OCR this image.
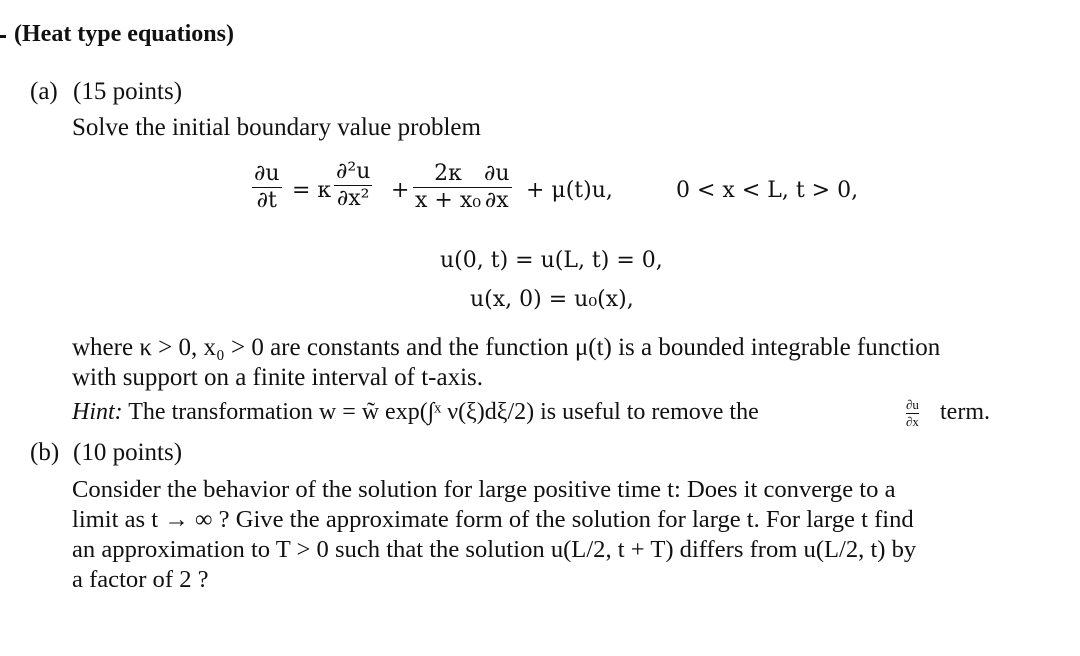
(Heat type equations)
(a) (15 points)
Solve the initial boundary value problem
∂u
∂t = κ
∂²u
∂x² +
2κ
x + x₀
∂u
∂x + μ(t)u,	0 < x < L, t > 0,
u(0, t) = u(L, t) = 0,
u(x, 0) = u₀(x),
where κ > 0, x₀ > 0 are constants and the function μ(t) is a bounded integrable function
with support on a finite interval of t-axis.
Hint: The transformation w = w̃ exp(∫ˣ ν(ξ)dξ/2) is useful to remove the	∂u
∂x term.
(b) (10 points)
Consider the behavior of the solution for large positive time t: Does it converge to a
limit as t → ∞ ? Give the approximate form of the solution for large t. For large t find
an approximation to T > 0 such that the solution u(L/2, t + T) differs from u(L/2, t) by
a factor of 2 ?
